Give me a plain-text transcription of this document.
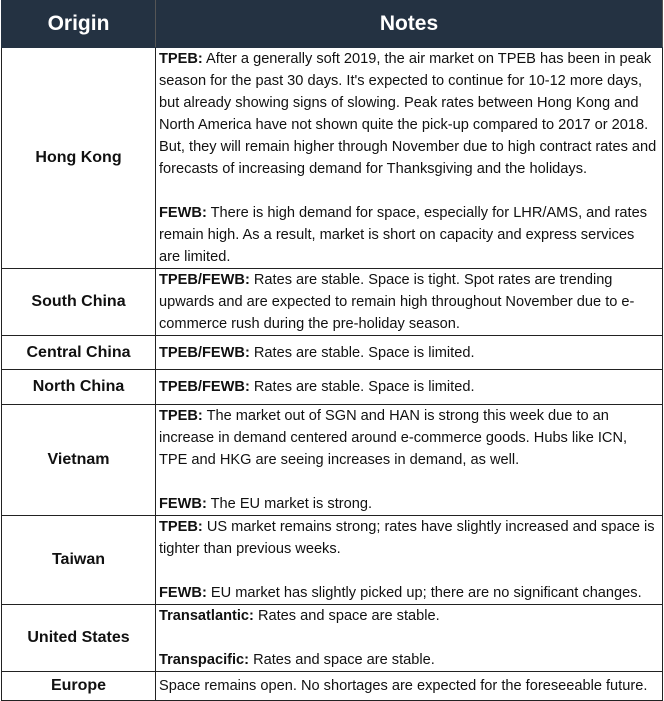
Origin	Notes
Hong Kong	TPEB: After a generally soft 2019, the air market on TPEB has been in peak season for the past 30 days. It's expected to continue for 10-12 more days, but already showing signs of slowing. Peak rates between Hong Kong and North America have not shown quite the pick-up compared to 2017 or 2018. But, they will remain higher through November due to high contract rates and forecasts of increasing demand for Thanksgiving and the holidays.

FEWB: There is high demand for space, especially for LHR/AMS, and rates remain high. As a result, market is short on capacity and express services are limited.

South China	TPEB/FEWB: Rates are stable. Space is tight. Spot rates are trending upwards and are expected to remain high throughout November due to e-commerce rush during the pre-holiday season.

Central China	TPEB/FEWB: Rates are stable. Space is limited.

North China	TPEB/FEWB: Rates are stable. Space is limited.

Vietnam	TPEB: The market out of SGN and HAN is strong this week due to an increase in demand centered around e-commerce goods. Hubs like ICN, TPE and HKG are seeing increases in demand, as well.

FEWB: The EU market is strong.

Taiwan	TPEB: US market remains strong; rates have slightly increased and space is tighter than previous weeks.

FEWB: EU market has slightly picked up; there are no significant changes.

United States	Transatlantic: Rates and space are stable.

Transpacific: Rates and space are stable.

Europe	Space remains open. No shortages are expected for the foreseeable future.
